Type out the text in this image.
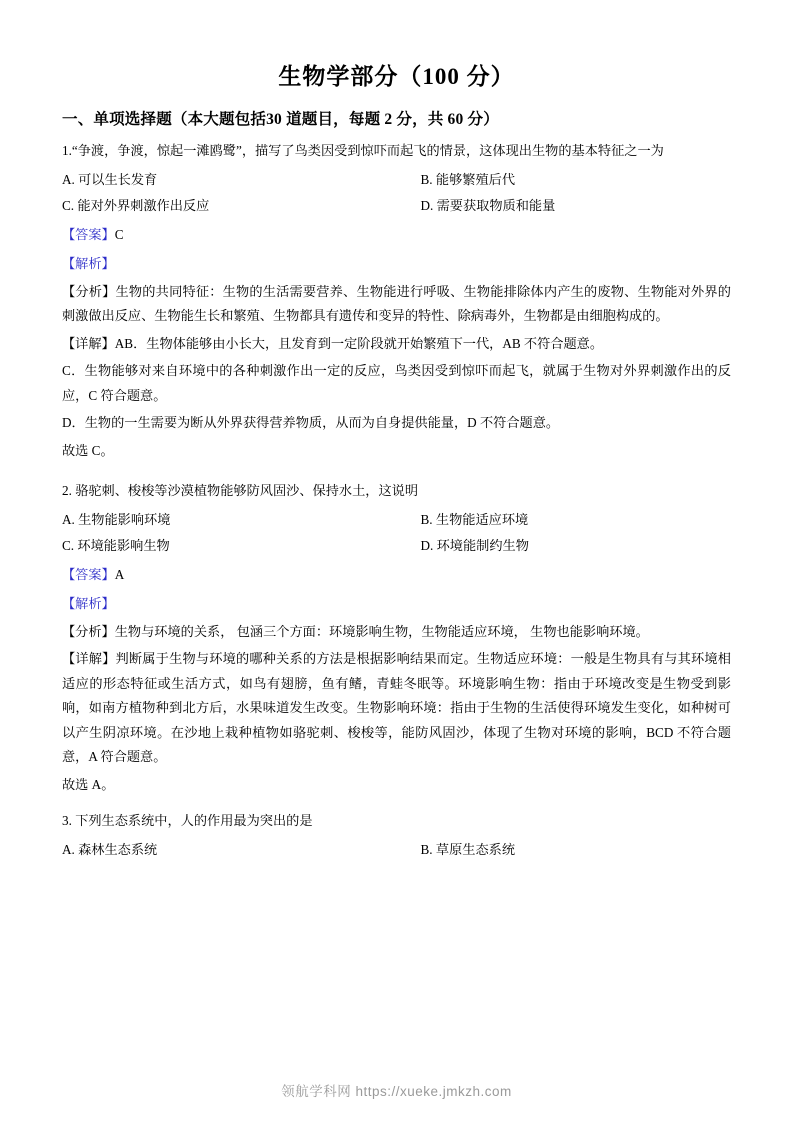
生物学部分（100 分）
一、单项选择题（本大题包括30 道题目，每题 2 分，共 60 分）
1.“争渡，争渡，惊起一滩鸥鹭”，描写了鸟类因受到惊吓而起飞的情景，这体现出生物的基本特征之一为
A. 可以生长发育	B. 能够繁殖后代
C. 能对外界刺激作出反应	D. 需要获取物质和能量
【答案】C
【解析】
【分析】生物的共同特征：生物的生活需要营养、生物能进行呼吸、生物能排除体内产生的废物、生物能对外界的刺激做出反应、生物能生长和繁殖、生物都具有遗传和变异的特性、除病毒外，生物都是由细胞构成的。
【详解】AB．生物体能够由小长大，且发育到一定阶段就开始繁殖下一代，AB 不符合题意。
C．生物能够对来自环境中的各种刺激作出一定的反应，鸟类因受到惊吓而起飞，就属于生物对外界刺激作出的反应，C 符合题意。
D．生物的一生需要为断从外界获得营养物质，从而为自身提供能量，D 不符合题意。
故选 C。
2. 骆驼刺、梭梭等沙漠植物能够防风固沙、保持水土，这说明
A. 生物能影响环境	B. 生物能适应环境
C. 环境能影响生物	D. 环境能制约生物
【答案】A
【解析】
【分析】生物与环境的关系， 包涵三个方面：环境影响生物，生物能适应环境， 生物也能影响环境。
【详解】判断属于生物与环境的哪种关系的方法是根据影响结果而定。生物适应环境：一般是生物具有与其环境相适应的形态特征或生活方式，如鸟有翅膀，鱼有鳍，青蛙冬眠等。环境影响生物：指由于环境改变是生物受到影响，如南方植物种到北方后，水果味道发生改变。生物影响环境：指由于生物的生活使得环境发生变化，如种树可以产生阴凉环境。在沙地上栽种植物如骆驼刺、梭梭等，能防风固沙，体现了生物对环境的影响，BCD 不符合题意，A 符合题意。
故选 A。
3. 下列生态系统中，人的作用最为突出的是
A. 森林生态系统	B. 草原生态系统
领航学科网 https://xueke.jmkzh.com
